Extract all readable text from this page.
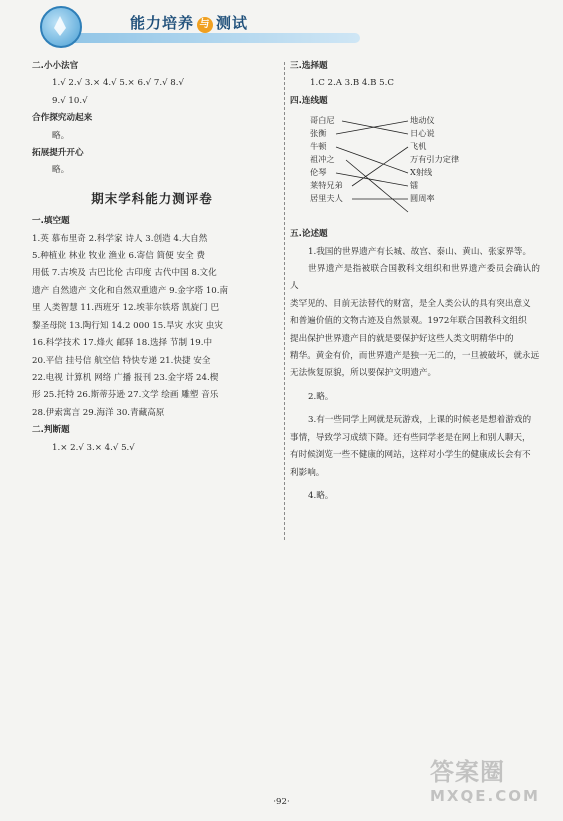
能力培养 与 测试
二.小小法官
1.√ 2.√ 3.× 4.√ 5.× 6.√ 7.√ 8.√
9.√ 10.√
合作探究动起来
略。
拓展提升开心
略。
期末学科能力测评卷
一.填空题
1.英 慕布里奇 2.科学家 诗人 3.创造 4.大自然
5.种植业 林业 牧业 渔业 6.寄信 简便 安全 费
用低 7.古埃及 古巴比伦 古印度 古代中国 8.文化
遗产 自然遗产 文化和自然双重遗产 9.金字塔 10.南
里 人类智慧 11.西班牙 12.埃菲尔铁塔 凯旋门 巴
黎圣母院 13.陶行知 14.2 000 15.旱灾 水灾 虫灾
16.科学技术 17.烽火 邮驿 18.选择 节制 19.中
20.平信 挂号信 航空信 特快专递 21.快捷 安全
22.电视 计算机 网络 广播 报刊 23.金字塔 24.楔
形 25.托特 26.斯蒂芬逊 27.文学 绘画 雕塑 音乐
28.伊索寓言 29.海洋 30.青藏高原
二.判断题
1.× 2.√ 3.× 4.√ 5.√
三.选择题
1.C 2.A 3.B 4.B 5.C
四.连线题
哥白尼
张衡
牛顿
祖冲之
伦琴
莱特兄弟
居里夫人
地动仪
日心说
飞机
万有引力定律
X射线
镭
圆周率
五.论述题
1.我国的世界遗产有长城、故宫、泰山、黄山、张家界等。
世界遗产是指被联合国教科文组织和世界遗产委员会确认的人
类罕见的、目前无法替代的财富，是全人类公认的具有突出意义
和普遍价值的文物古迹及自然景观。1972年联合国教科文组织
提出保护世界遗产目的就是要保护好这些人类文明精华中的
精华。黄金有价，而世界遗产是独一无二的，一旦被破坏，就永远
无法恢复原貌，所以要保护文明遗产。
2.略。
3.有一些同学上网就是玩游戏，上课的时候老是想着游戏的
事情，导致学习成绩下降。还有些同学老是在网上和别人聊天，
有时候浏览一些不健康的网站，这样对小学生的健康成长会有不
利影响。
4.略。
·92·
答案圈
MXQE.COM
